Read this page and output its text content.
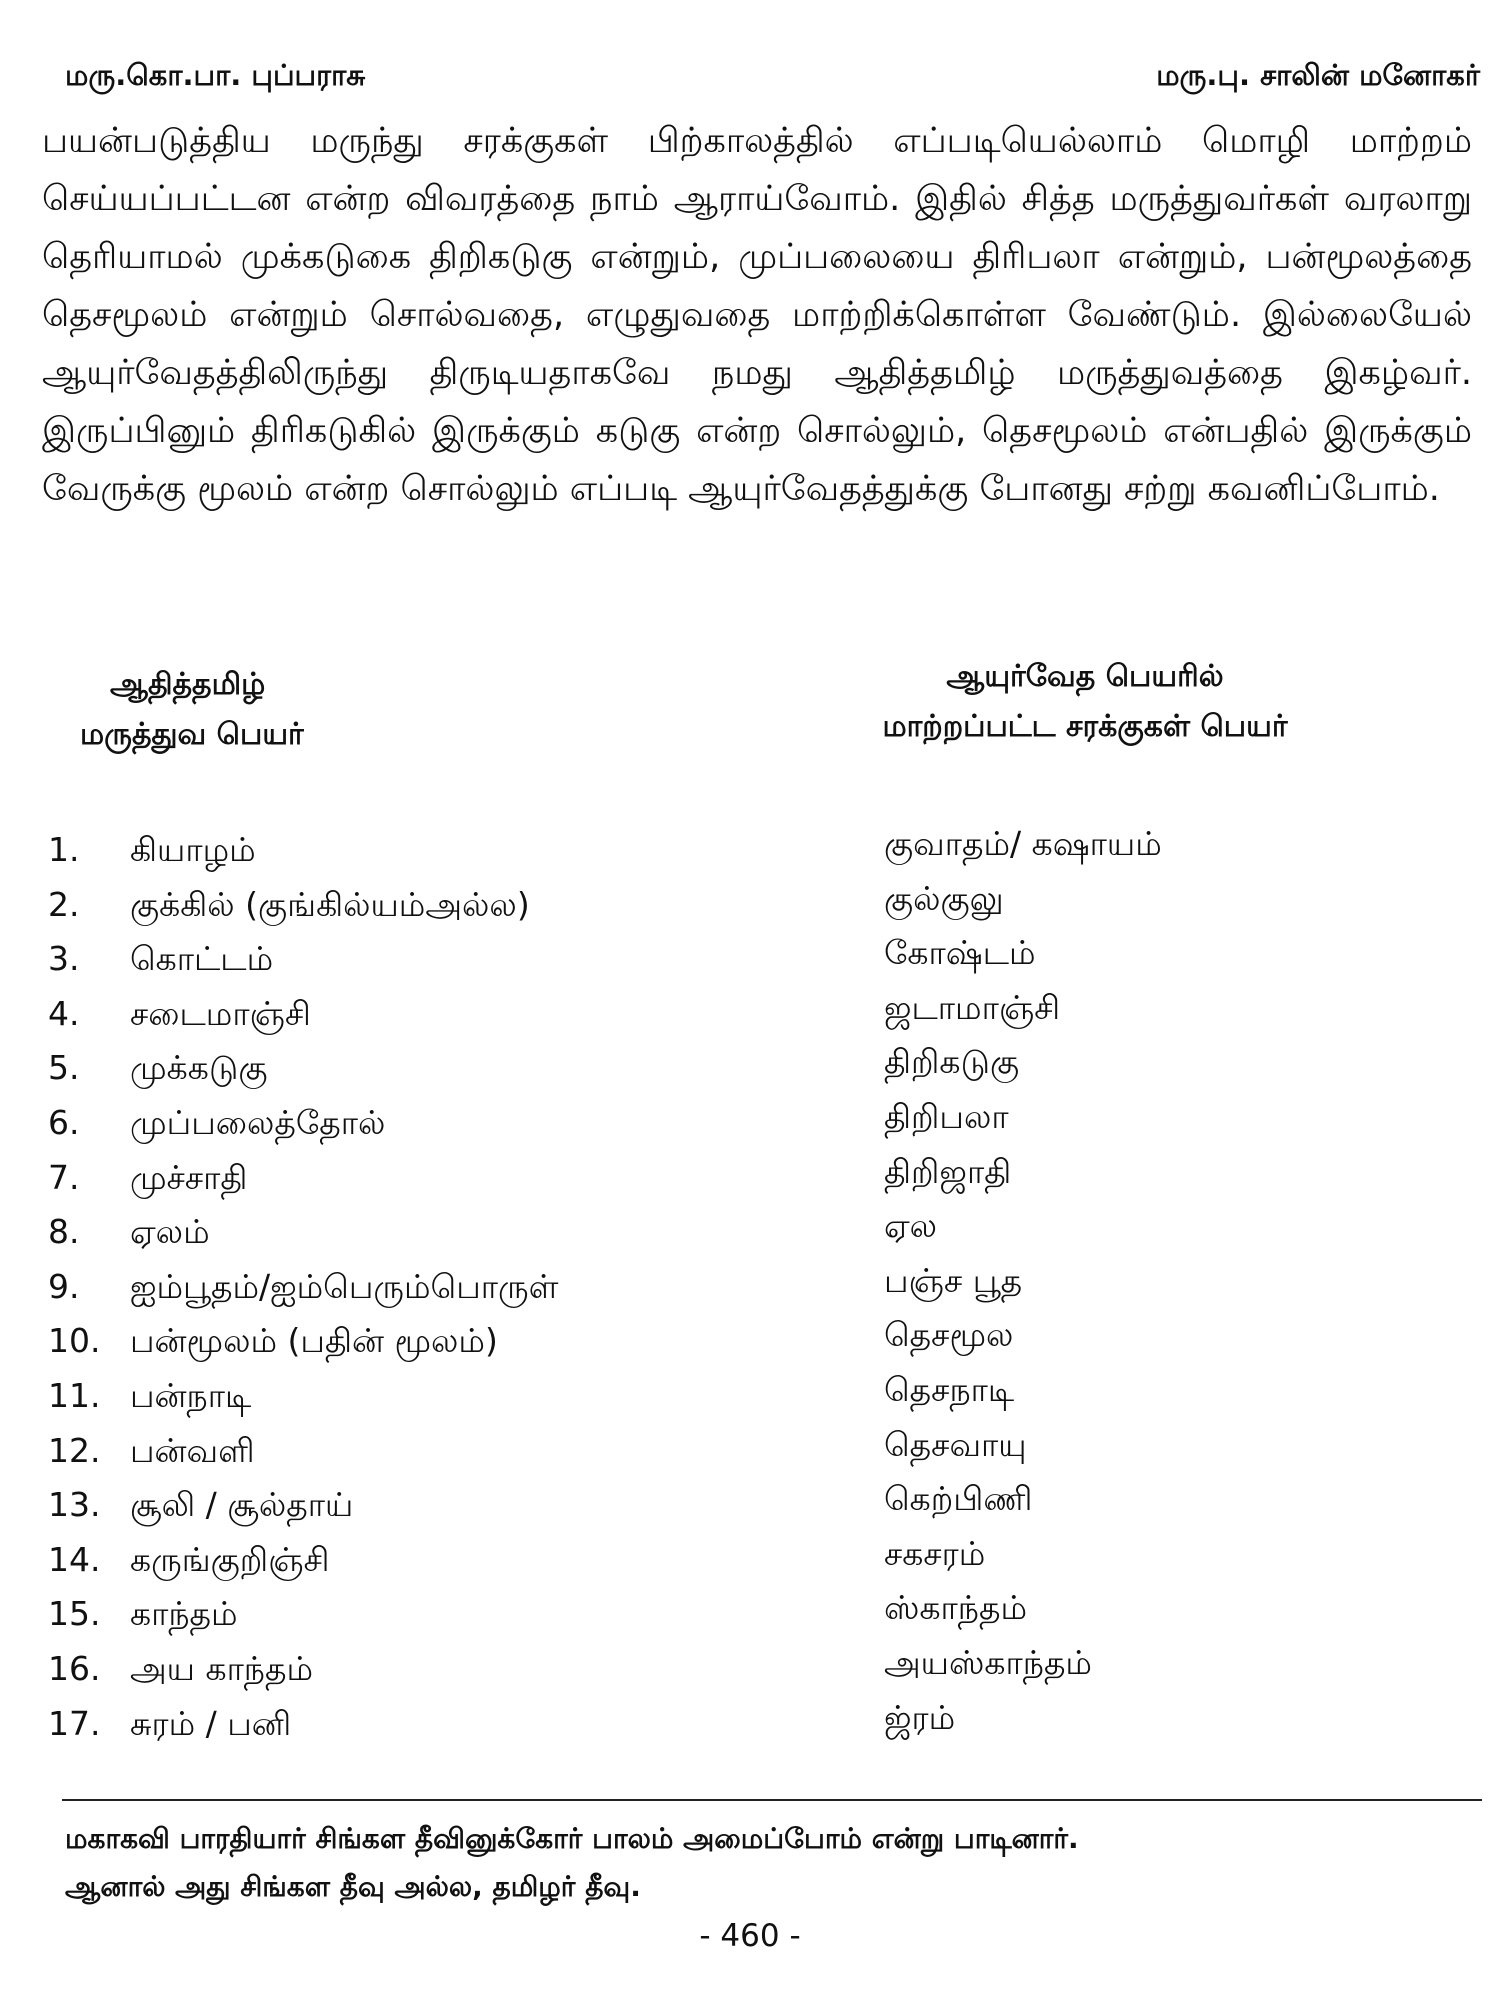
மரு.கொ.பா. புப்பராசு	மரு.பு. சாலின் மனோகர்

பயன்படுத்திய மருந்து சரக்குகள் பிற்காலத்தில் எப்படியெல்லாம் மொழி மாற்றம் செய்யப்பட்டன என்ற விவரத்தை நாம் ஆராய்வோம். இதில் சித்த மருத்துவர்கள் வரலாறு தெரியாமல் முக்கடுகை திறிகடுகு என்றும், முப்பலையை திரிபலா என்றும், பன்மூலத்தை தெசமூலம் என்றும் சொல்வதை, எழுதுவதை மாற்றிக்கொள்ள வேண்டும். இல்லையேல் ஆயுர்வேதத்திலிருந்து திருடியதாகவே நமது ஆதித்தமிழ் மருத்துவத்தை இகழ்வர். இருப்பினும் திரிகடுகில் இருக்கும் கடுகு என்ற சொல்லும், தெசமூலம் என்பதில் இருக்கும் வேருக்கு மூலம் என்ற சொல்லும் எப்படி ஆயுர்வேதத்துக்கு போனது சற்று கவனிப்போம்.

ஆதித்தமிழ்
மருத்துவ பெயர்
ஆயுர்வேத பெயரில்
மாற்றப்பட்ட சரக்குகள் பெயர்
1. கியாழம்	குவாதம்/ கஷாயம்
2. குக்கில் (குங்கில்யம்அல்ல)	குல்குலு
3. கொட்டம்	கோஷ்டம்
4. சடைமாஞ்சி	ஜடாமாஞ்சி
5. முக்கடுகு	திறிகடுகு
6. முப்பலைத்தோல்	திறிபலா
7. முச்சாதி	திறிஜாதி
8. ஏலம்	ஏல
9. ஐம்பூதம்/ஐம்பெரும்பொருள்	பஞ்ச பூத
10. பன்மூலம் (பதின் மூலம்)	தெசமூல
11. பன்நாடி	தெசநாடி
12. பன்வளி	தெசவாயு
13. சூலி / சூல்தாய்	கெற்பிணி
14. கருங்குறிஞ்சி	சகசரம்
15. காந்தம்	ஸ்காந்தம்
16. அய காந்தம்	அயஸ்காந்தம்
17. சுரம் / பனி	ஜ்ரம்
மகாகவி பாரதியார் சிங்கள தீவினுக்கோர் பாலம் அமைப்போம் என்று பாடினார்.
ஆனால் அது சிங்கள தீவு அல்ல, தமிழர் தீவு.
- 460 -
